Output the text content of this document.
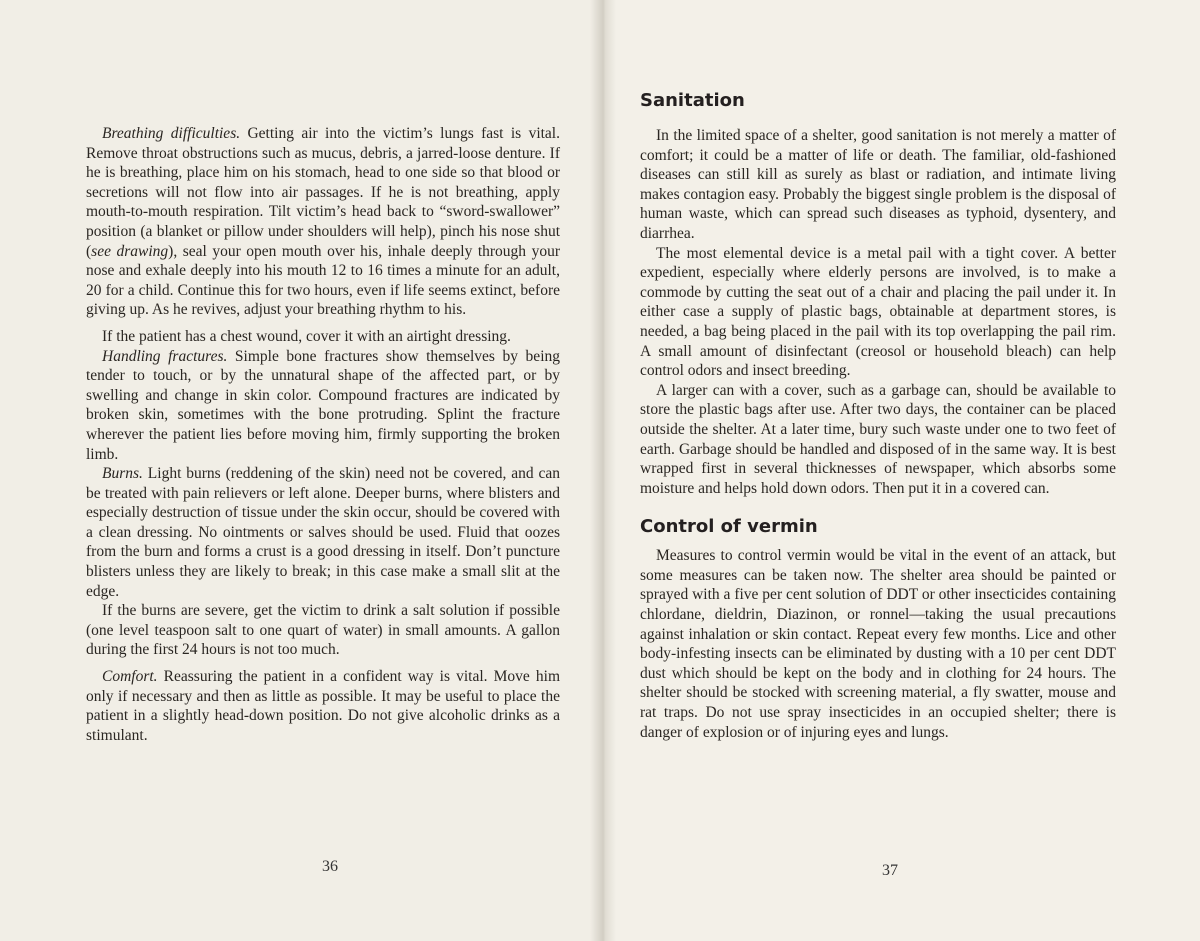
Breathing difficulties. Getting air into the victim’s lungs fast is vital. Remove throat obstructions such as mucus, debris, a jarred-loose denture. If he is breathing, place him on his stomach, head to one side so that blood or secretions will not flow into air passages. If he is not breathing, apply mouth-to-mouth respiration. Tilt victim’s head back to “sword-swallower” position (a blanket or pillow under shoulders will help), pinch his nose shut (see drawing), seal your open mouth over his, inhale deeply through your nose and exhale deeply into his mouth 12 to 16 times a minute for an adult, 20 for a child. Continue this for two hours, even if life seems extinct, before giving up. As he revives, adjust your breathing rhythm to his.

If the patient has a chest wound, cover it with an airtight dressing.

Handling fractures. Simple bone fractures show themselves by being tender to touch, or by the unnatural shape of the affected part, or by swelling and change in skin color. Compound fractures are indicated by broken skin, sometimes with the bone protruding. Splint the fracture wherever the patient lies before moving him, firmly supporting the broken limb.

Burns. Light burns (reddening of the skin) need not be covered, and can be treated with pain relievers or left alone. Deeper burns, where blisters and especially destruction of tissue under the skin occur, should be covered with a clean dressing. No ointments or salves should be used. Fluid that oozes from the burn and forms a crust is a good dressing in itself. Don’t puncture blisters unless they are likely to break; in this case make a small slit at the edge.

If the burns are severe, get the victim to drink a salt solution if possible (one level teaspoon salt to one quart of water) in small amounts. A gallon during the first 24 hours is not too much.

Comfort. Reassuring the patient in a confident way is vital. Move him only if necessary and then as little as possible. It may be useful to place the patient in a slightly head-down position. Do not give alcoholic drinks as a stimulant.

36
Sanitation

In the limited space of a shelter, good sanitation is not merely a matter of comfort; it could be a matter of life or death. The familiar, old-fashioned diseases can still kill as surely as blast or radiation, and intimate living makes contagion easy. Probably the biggest single problem is the disposal of human waste, which can spread such diseases as typhoid, dysentery, and diarrhea.

The most elemental device is a metal pail with a tight cover. A better expedient, especially where elderly persons are involved, is to make a commode by cutting the seat out of a chair and placing the pail under it. In either case a supply of plastic bags, obtainable at department stores, is needed, a bag being placed in the pail with its top overlapping the pail rim. A small amount of disinfectant (creosol or household bleach) can help control odors and insect breeding.

A larger can with a cover, such as a garbage can, should be available to store the plastic bags after use. After two days, the container can be placed outside the shelter. At a later time, bury such waste under one to two feet of earth. Garbage should be handled and disposed of in the same way. It is best wrapped first in several thicknesses of newspaper, which absorbs some moisture and helps hold down odors. Then put it in a covered can.

Control of vermin

Measures to control vermin would be vital in the event of an attack, but some measures can be taken now. The shelter area should be painted or sprayed with a five per cent solution of DDT or other insecticides containing chlordane, dieldrin, Diazinon, or ronnel—taking the usual precautions against inhalation or skin contact. Repeat every few months. Lice and other body-infesting insects can be eliminated by dusting with a 10 per cent DDT dust which should be kept on the body and in clothing for 24 hours. The shelter should be stocked with screening material, a fly swatter, mouse and rat traps. Do not use spray insecticides in an occupied shelter; there is danger of explosion or of injuring eyes and lungs.

37
